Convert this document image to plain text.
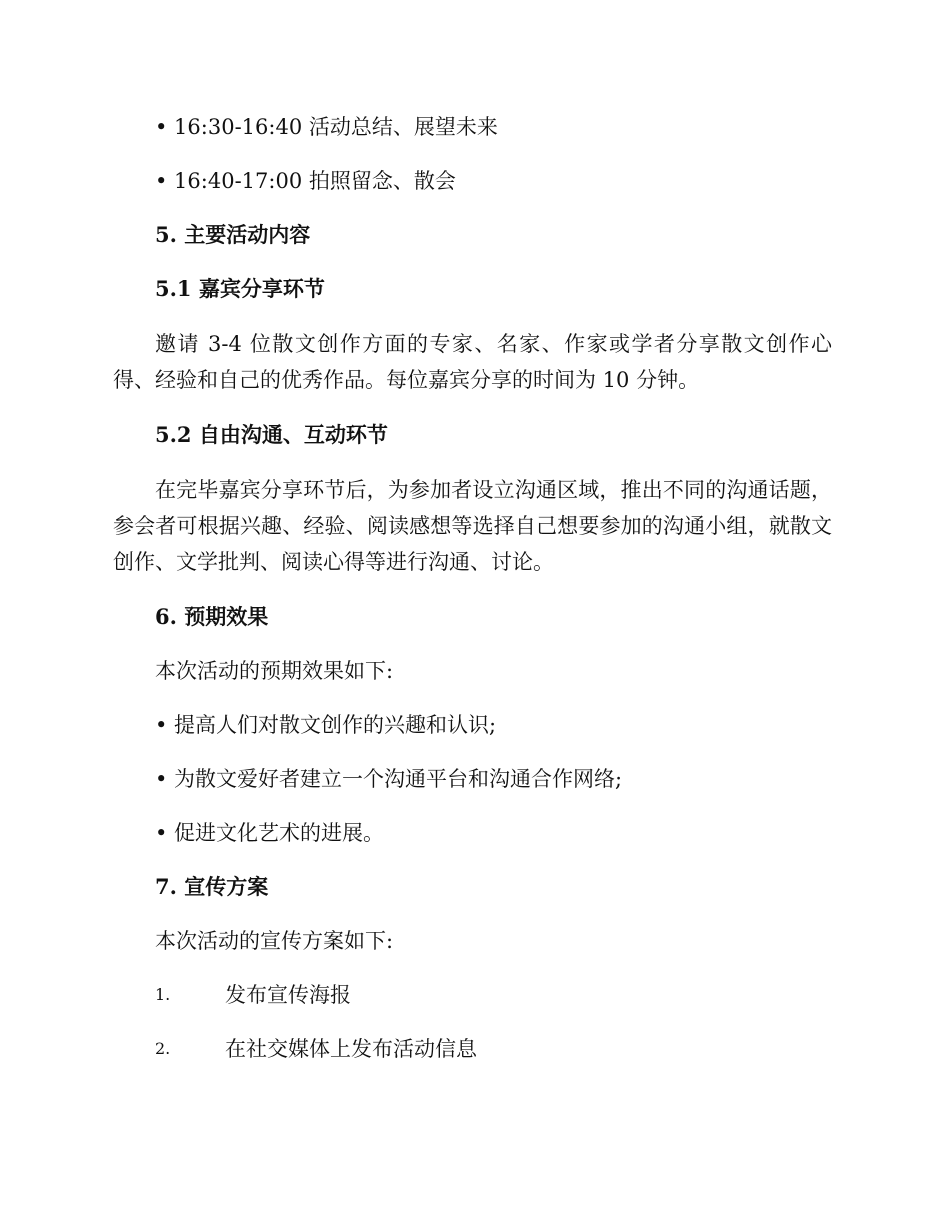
• 16:30-16:40 活动总结、展望未来

• 16:40-17:00 拍照留念、散会

5. 主要活动内容

5.1 嘉宾分享环节

邀请 3-4 位散文创作方面的专家、名家、作家或学者分享散文创作心得、经验和自己的优秀作品。每位嘉宾分享的时间为 10 分钟。

5.2 自由沟通、互动环节

在完毕嘉宾分享环节后，为参加者设立沟通区域，推出不同的沟通话题，参会者可根据兴趣、经验、阅读感想等选择自己想要参加的沟通小组，就散文创作、文学批判、阅读心得等进行沟通、讨论。

6. 预期效果

本次活动的预期效果如下:

• 提高人们对散文创作的兴趣和认识;

• 为散文爱好者建立一个沟通平台和沟通合作网络;

• 促进文化艺术的进展。

7. 宣传方案

本次活动的宣传方案如下:

1.	发布宣传海报
2.	在社交媒体上发布活动信息
